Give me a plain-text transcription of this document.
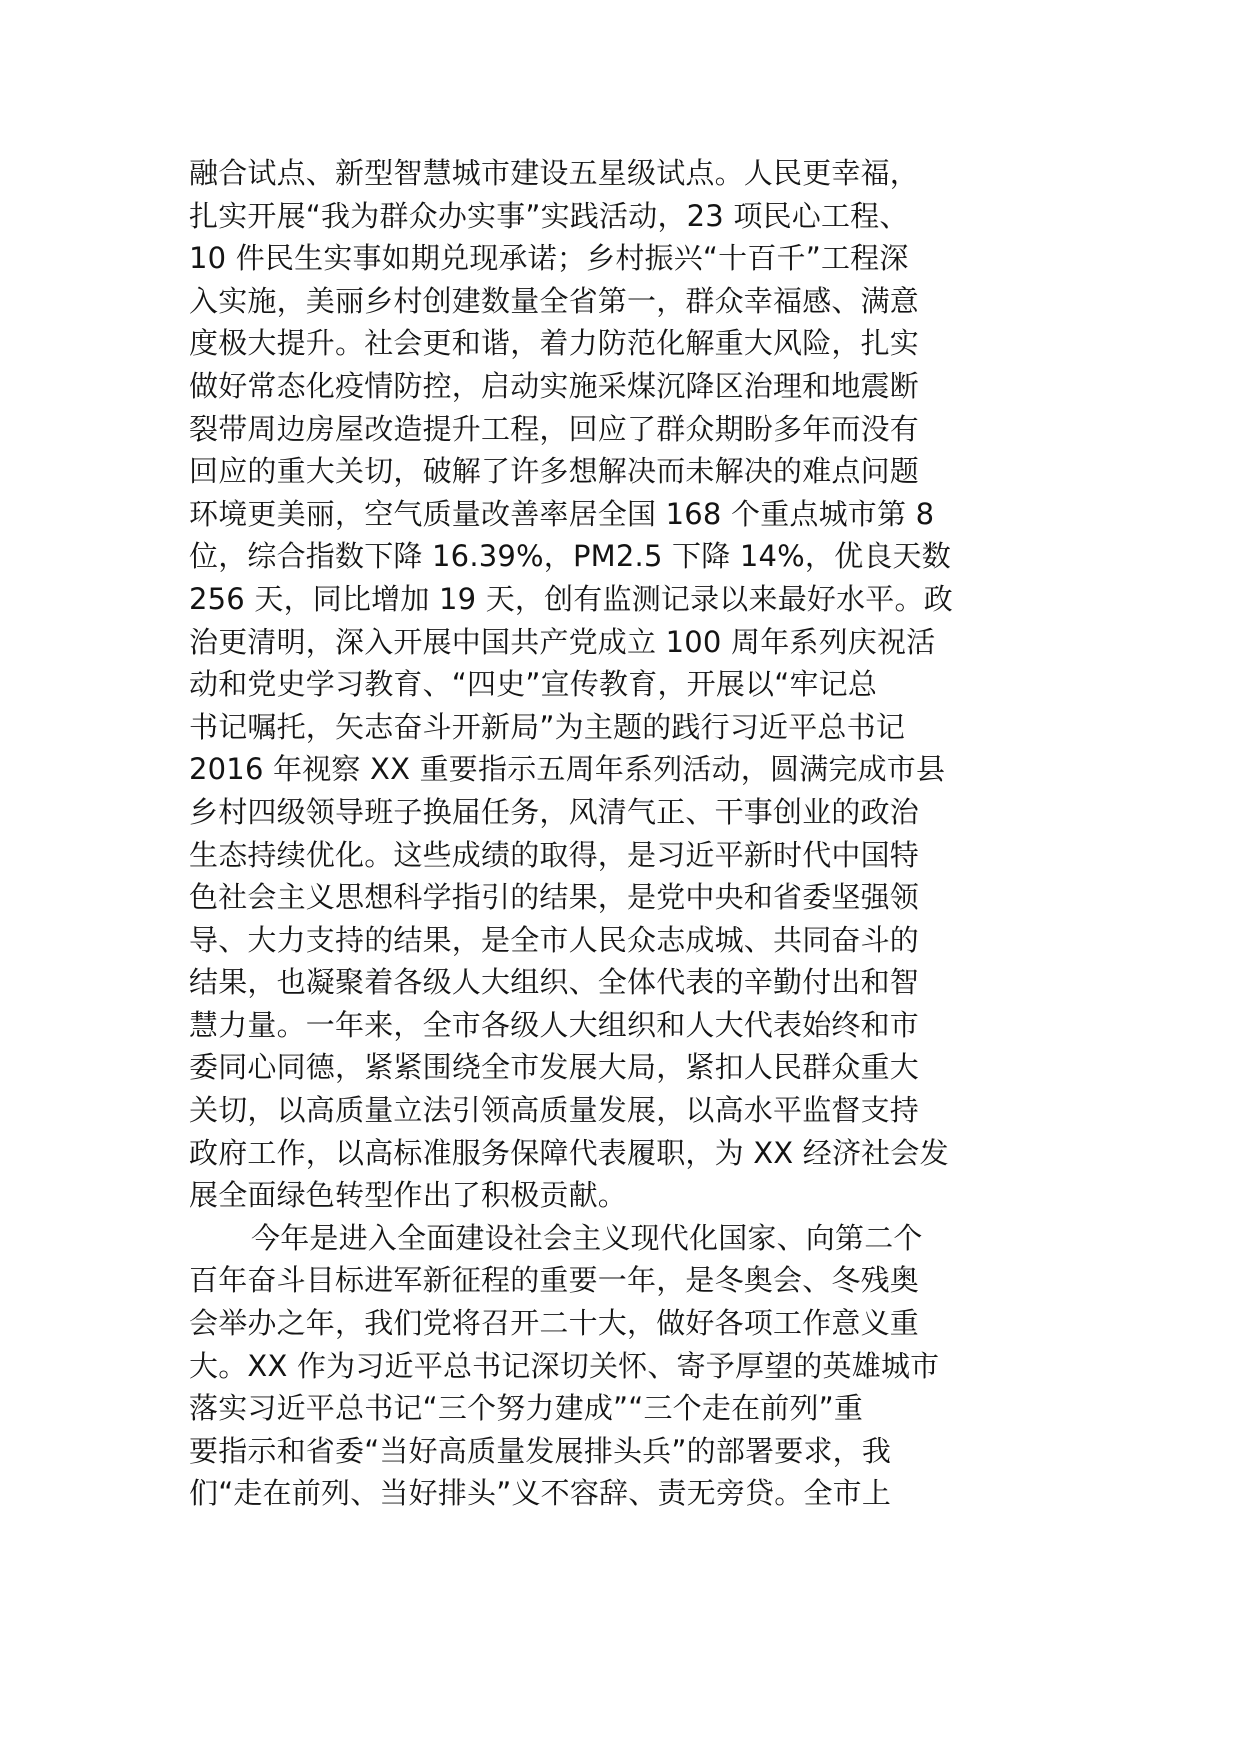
融合试点、新型智慧城市建设五星级试点。人民更幸福，
扎实开展“我为群众办实事”实践活动，23 项民心工程、
10 件民生实事如期兑现承诺；乡村振兴“十百千”工程深
入实施，美丽乡村创建数量全省第一，群众幸福感、满意
度极大提升。社会更和谐，着力防范化解重大风险，扎实
做好常态化疫情防控，启动实施采煤沉降区治理和地震断
裂带周边房屋改造提升工程，回应了群众期盼多年而没有
回应的重大关切，破解了许多想解决而未解决的难点问题
环境更美丽，空气质量改善率居全国 168 个重点城市第 8
位，综合指数下降 16.39%，PM2.5 下降 14%，优良天数
256 天，同比增加 19 天，创有监测记录以来最好水平。政
治更清明，深入开展中国共产党成立 100 周年系列庆祝活
动和党史学习教育、“四史”宣传教育，开展以“牢记总
书记嘱托，矢志奋斗开新局”为主题的践行习近平总书记
2016 年视察 XX 重要指示五周年系列活动，圆满完成市县
乡村四级领导班子换届任务，风清气正、干事创业的政治
生态持续优化。这些成绩的取得，是习近平新时代中国特
色社会主义思想科学指引的结果，是党中央和省委坚强领
导、大力支持的结果，是全市人民众志成城、共同奋斗的
结果，也凝聚着各级人大组织、全体代表的辛勤付出和智
慧力量。一年来，全市各级人大组织和人大代表始终和市
委同心同德，紧紧围绕全市发展大局，紧扣人民群众重大
关切，以高质量立法引领高质量发展，以高水平监督支持
政府工作，以高标准服务保障代表履职，为 XX 经济社会发
展全面绿色转型作出了积极贡献。
今年是进入全面建设社会主义现代化国家、向第二个
百年奋斗目标进军新征程的重要一年，是冬奥会、冬残奥
会举办之年，我们党将召开二十大，做好各项工作意义重
大。XX 作为习近平总书记深切关怀、寄予厚望的英雄城市
落实习近平总书记“三个努力建成”“三个走在前列”重
要指示和省委“当好高质量发展排头兵”的部署要求，我
们“走在前列、当好排头”义不容辞、责无旁贷。全市上
